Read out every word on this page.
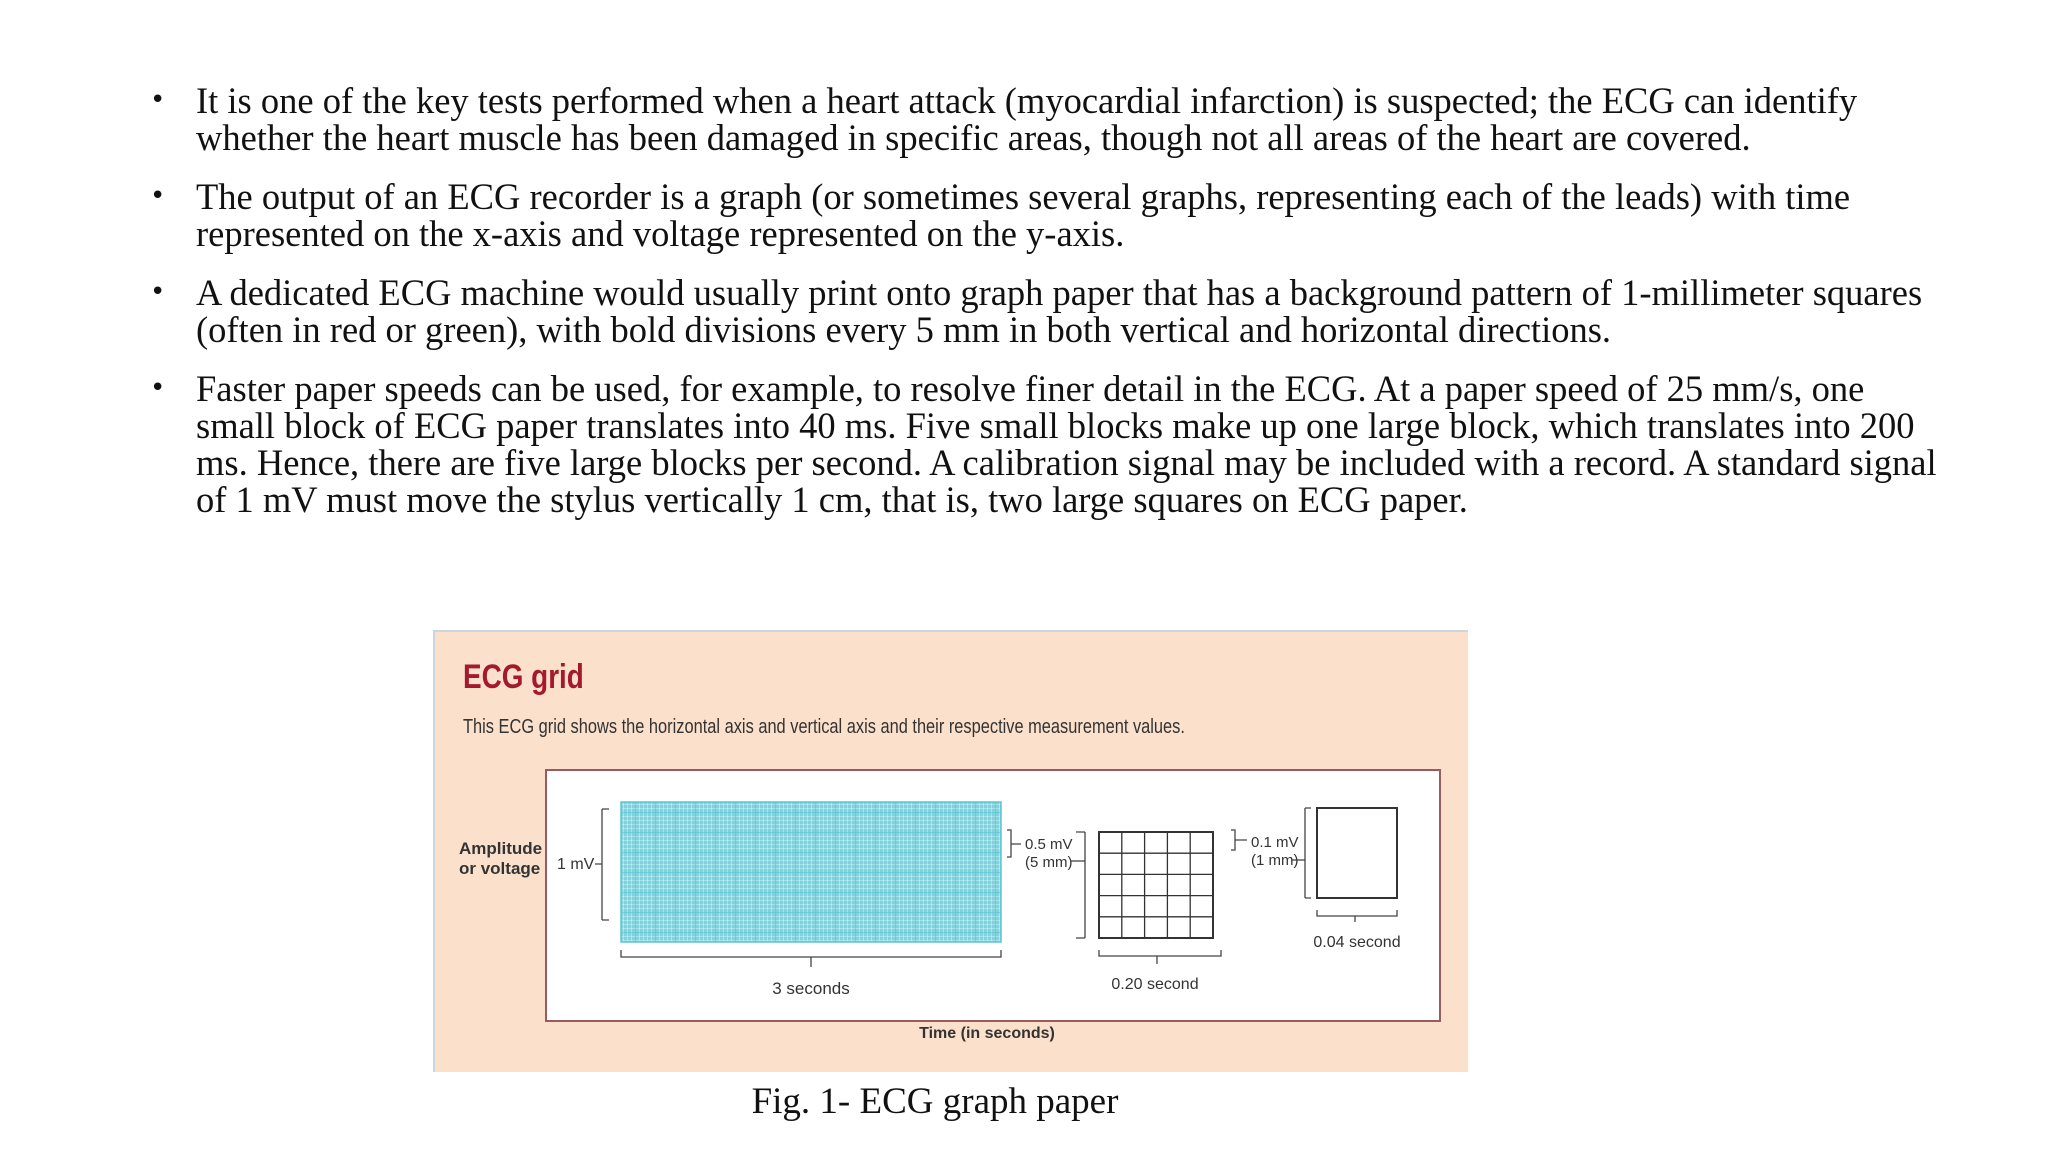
• It is one of the key tests performed when a heart attack (myocardial infarction) is suspected; the ECG can identify whether the heart muscle has been damaged in specific areas, though not all areas of the heart are covered.
• The output of an ECG recorder is a graph (or sometimes several graphs, representing each of the leads) with time represented on the x-axis and voltage represented on the y-axis.
• A dedicated ECG machine would usually print onto graph paper that has a background pattern of 1-millimeter squares (often in red or green), with bold divisions every 5 mm in both vertical and horizontal directions.
• Faster paper speeds can be used, for example, to resolve finer detail in the ECG. At a paper speed of 25 mm/s, one small block of ECG paper translates into 40 ms. Five small blocks make up one large block, which translates into 200 ms. Hence, there are five large blocks per second. A calibration signal may be included with a record. A standard signal of 1 mV must move the stylus vertically 1 cm, that is, two large squares on ECG paper.
Amplitude
or voltage 1 mV
3 seconds
0.5 mV
(5 mm)
0.20 second
0.1 mV
(1 mm)
0.04 second
Time (in seconds)
ECG grid
This ECG grid shows the horizontal axis and vertical axis and their respective measurement values.
Fig. 1- ECG graph paper
